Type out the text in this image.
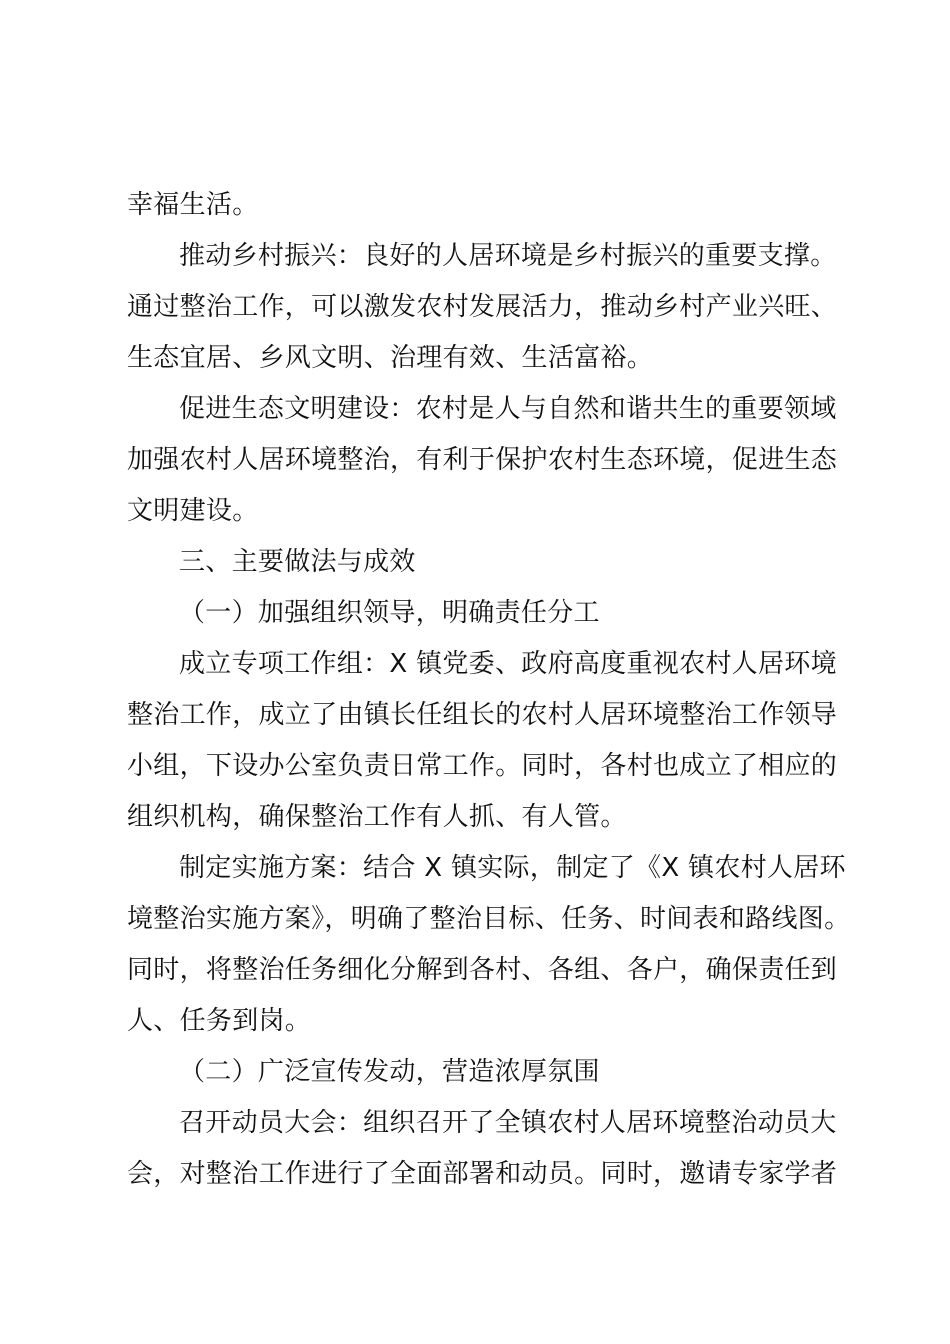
幸福生活。
推动乡村振兴：良好的人居环境是乡村振兴的重要支撑。
通过整治工作，可以激发农村发展活力，推动乡村产业兴旺、
生态宜居、乡风文明、治理有效、生活富裕。
促进生态文明建设：农村是人与自然和谐共生的重要领域
加强农村人居环境整治，有利于保护农村生态环境，促进生态
文明建设。
三、主要做法与成效
（一）加强组织领导，明确责任分工
成立专项工作组：X 镇党委、政府高度重视农村人居环境
整治工作，成立了由镇长任组长的农村人居环境整治工作领导
小组，下设办公室负责日常工作。同时，各村也成立了相应的
组织机构，确保整治工作有人抓、有人管。
制定实施方案：结合 X 镇实际，制定了《X 镇农村人居环
境整治实施方案》，明确了整治目标、任务、时间表和路线图。
同时，将整治任务细化分解到各村、各组、各户，确保责任到
人、任务到岗。
（二）广泛宣传发动，营造浓厚氛围
召开动员大会：组织召开了全镇农村人居环境整治动员大
会，对整治工作进行了全面部署和动员。同时，邀请专家学者
